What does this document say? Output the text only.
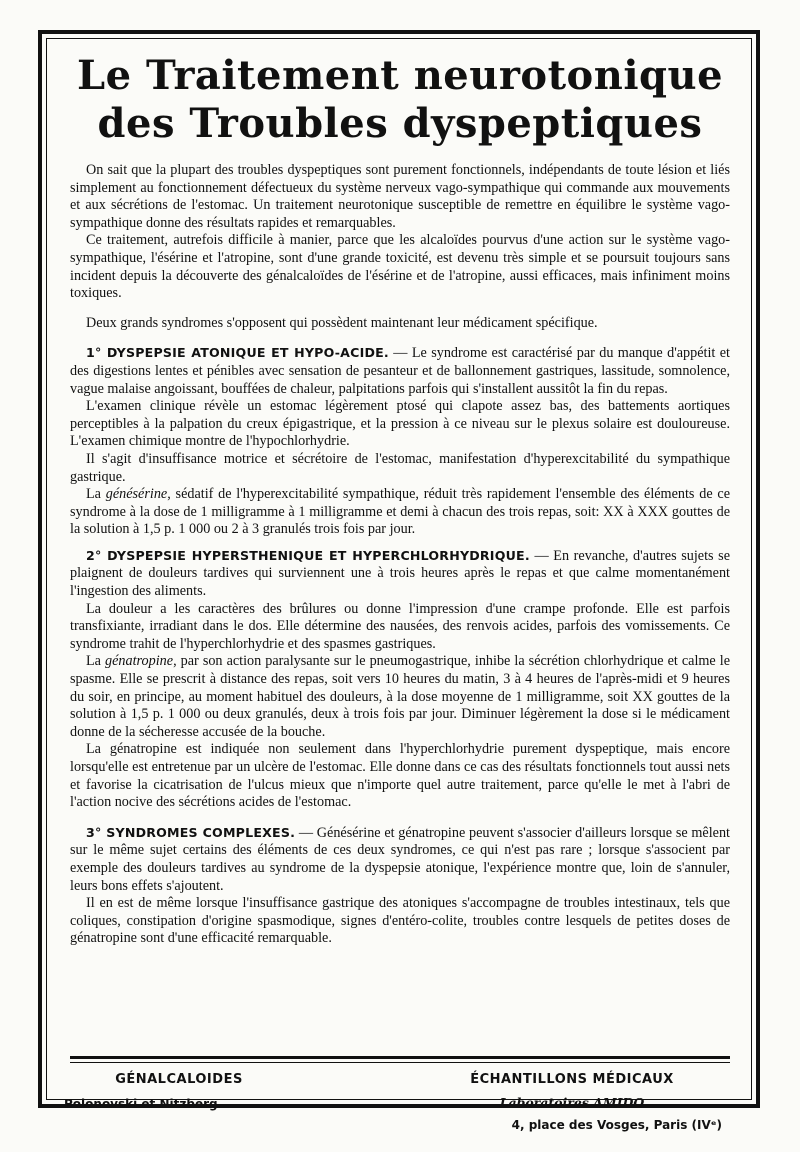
Le Traitement neurotonique
des Troubles dyspeptiques

On sait que la plupart des troubles dyspeptiques sont purement fonctionnels, indépendants de toute lésion et liés simplement au fonctionnement défectueux du système nerveux vago-sympathique qui commande aux mouvements et aux sécrétions de l'estomac. Un traitement neurotonique susceptible de remettre en équilibre le système vago-sympathique donne des résultats rapides et remarquables.

Ce traitement, autrefois difficile à manier, parce que les alcaloïdes pourvus d'une action sur le système vago-sympathique, l'ésérine et l'atropine, sont d'une grande toxicité, est devenu très simple et se poursuit toujours sans incident depuis la découverte des génalcaloïdes de l'ésérine et de l'atropine, aussi efficaces, mais infiniment moins toxiques.

Deux grands syndromes s'opposent qui possèdent maintenant leur médicament spécifique.

1° DYSPEPSIE ATONIQUE ET HYPO-ACIDE. — Le syndrome est caractérisé par du manque d'appétit et des digestions lentes et pénibles avec sensation de pesanteur et de ballonnement gastriques, lassitude, somnolence, vague malaise angoissant, bouffées de chaleur, palpitations parfois qui s'installent aussitôt la fin du repas.

L'examen clinique révèle un estomac légèrement ptosé qui clapote assez bas, des battements aortiques perceptibles à la palpation du creux épigastrique, et la pression à ce niveau sur le plexus solaire est douloureuse. L'examen chimique montre de l'hypochlorhydrie.

Il s'agit d'insuffisance motrice et sécrétoire de l'estomac, manifestation d'hyperexcitabilité du sympathique gastrique.

La génésérine, sédatif de l'hyperexcitabilité sympathique, réduit très rapidement l'ensemble des éléments de ce syndrome à la dose de 1 milligramme à 1 milligramme et demi à chacun des trois repas, soit: XX à XXX gouttes de la solution à 1,5 p. 1 000 ou 2 à 3 granulés trois fois par jour.

2° DYSPEPSIE HYPERSTHENIQUE ET HYPERCHLORHYDRIQUE. — En revanche, d'autres sujets se plaignent de douleurs tardives qui surviennent une à trois heures après le repas et que calme momentanément l'ingestion des aliments.

La douleur a les caractères des brûlures ou donne l'impression d'une crampe profonde. Elle est parfois transfixiante, irradiant dans le dos. Elle détermine des nausées, des renvois acides, parfois des vomissements. Ce syndrome trahit de l'hyperchlorhydrie et des spasmes gastriques.

La génatropine, par son action paralysante sur le pneumogastrique, inhibe la sécrétion chlorhydrique et calme le spasme. Elle se prescrit à distance des repas, soit vers 10 heures du matin, 3 à 4 heures de l'après-midi et 9 heures du soir, en principe, au moment habituel des douleurs, à la dose moyenne de 1 milligramme, soit XX gouttes de la solution à 1,5 p. 1 000 ou deux granulés, deux à trois fois par jour. Diminuer légèrement la dose si le médicament donne de la sécheresse accusée de la bouche.

La génatropine est indiquée non seulement dans l'hyperchlorhydrie purement dyspeptique, mais encore lorsqu'elle est entretenue par un ulcère de l'estomac. Elle donne dans ce cas des résultats fonctionnels tout aussi nets et favorise la cicatrisation de l'ulcus mieux que n'importe quel autre traitement, parce qu'elle le met à l'abri de l'action nocive des sécrétions acides de l'estomac.

3° SYNDROMES COMPLEXES. — Génésérine et génatropine peuvent s'associer d'ailleurs lorsque se mêlent sur le même sujet certains des éléments de ces deux syndromes, ce qui n'est pas rare ; lorsque s'associent par exemple des douleurs tardives au syndrome de la dyspepsie atonique, l'expérience montre que, loin de s'annuler, leurs bons effets s'ajoutent.

Il en est de même lorsque l'insuffisance gastrique des atoniques s'accompagne de troubles intestinaux, tels que coliques, constipation d'origine spasmodique, signes d'entéro-colite, troubles contre lesquels de petites doses de génatropine sont d'une efficacité remarquable.

GÉNALCALOIDES
Polonovski et Nitzberg
ÉCHANTILLONS MÉDICAUX
Laboratoires AMIDO
4, place des Vosges, Paris (IVᵉ)
